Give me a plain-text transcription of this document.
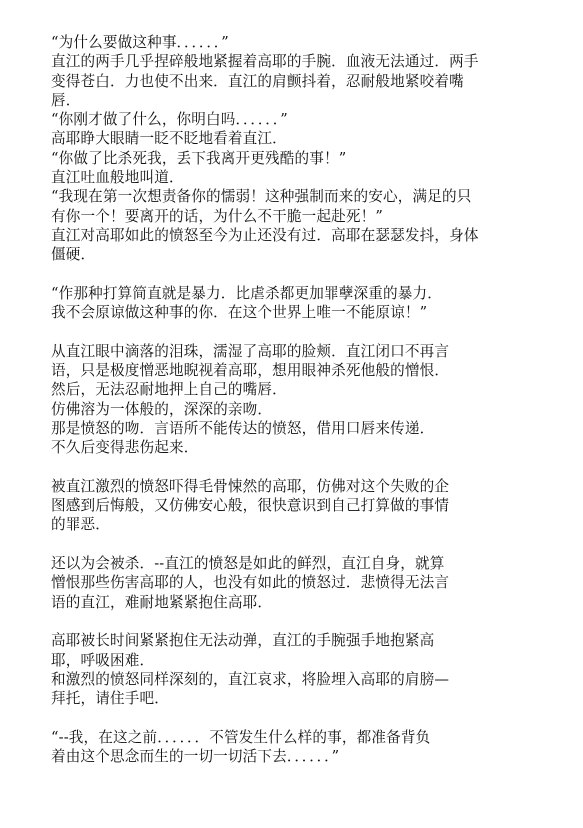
“为什么要做这种事．．．．．．”
直江的两手几乎捏碎般地紧握着高耶的手腕．血液无法通过．两手
变得苍白．力也使不出来．直江的肩颤抖着，忍耐般地紧咬着嘴
唇．
“你刚才做了什么，你明白吗．．．．．．”
高耶睁大眼睛一眨不眨地看着直江．
“你做了比杀死我，丢下我离开更残酷的事！”
直江吐血般地叫道．
“我现在第一次想责备你的懦弱！这种强制而来的安心，满足的只
有你一个！要离开的话，为什么不干脆一起赴死！”
直江对高耶如此的愤怒至今为止还没有过．高耶在瑟瑟发抖，身体
僵硬．
“作那种打算简直就是暴力．比虐杀都更加罪孽深重的暴力．
我不会原谅做这种事的你．在这个世界上唯一不能原谅！”
从直江眼中滴落的泪珠，濡湿了高耶的脸颊．直江闭口不再言
语，只是极度憎恶地睨视着高耶，想用眼神杀死他般的憎恨．
然后，无法忍耐地押上自己的嘴唇．
仿佛溶为一体般的，深深的亲吻．
那是愤怒的吻．言语所不能传达的愤怒，借用口唇来传递．
不久后变得悲伤起来．
被直江激烈的愤怒吓得毛骨悚然的高耶，仿佛对这个失败的企
图感到后悔般，又仿佛安心般，很快意识到自己打算做的事情
的罪恶．
还以为会被杀．--直江的愤怒是如此的鲜烈，直江自身，就算
憎恨那些伤害高耶的人，也没有如此的愤怒过．悲愤得无法言
语的直江，难耐地紧紧抱住高耶．
高耶被长时间紧紧抱住无法动弹，直江的手腕强手地抱紧高
耶，呼吸困难．
和激烈的愤怒同样深刻的，直江哀求，将脸埋入高耶的肩膀—
拜托，请住手吧．
“--我，在这之前．．．．．．不管发生什么样的事，都准备背负
着由这个思念而生的一切一切活下去．．．．．．”
